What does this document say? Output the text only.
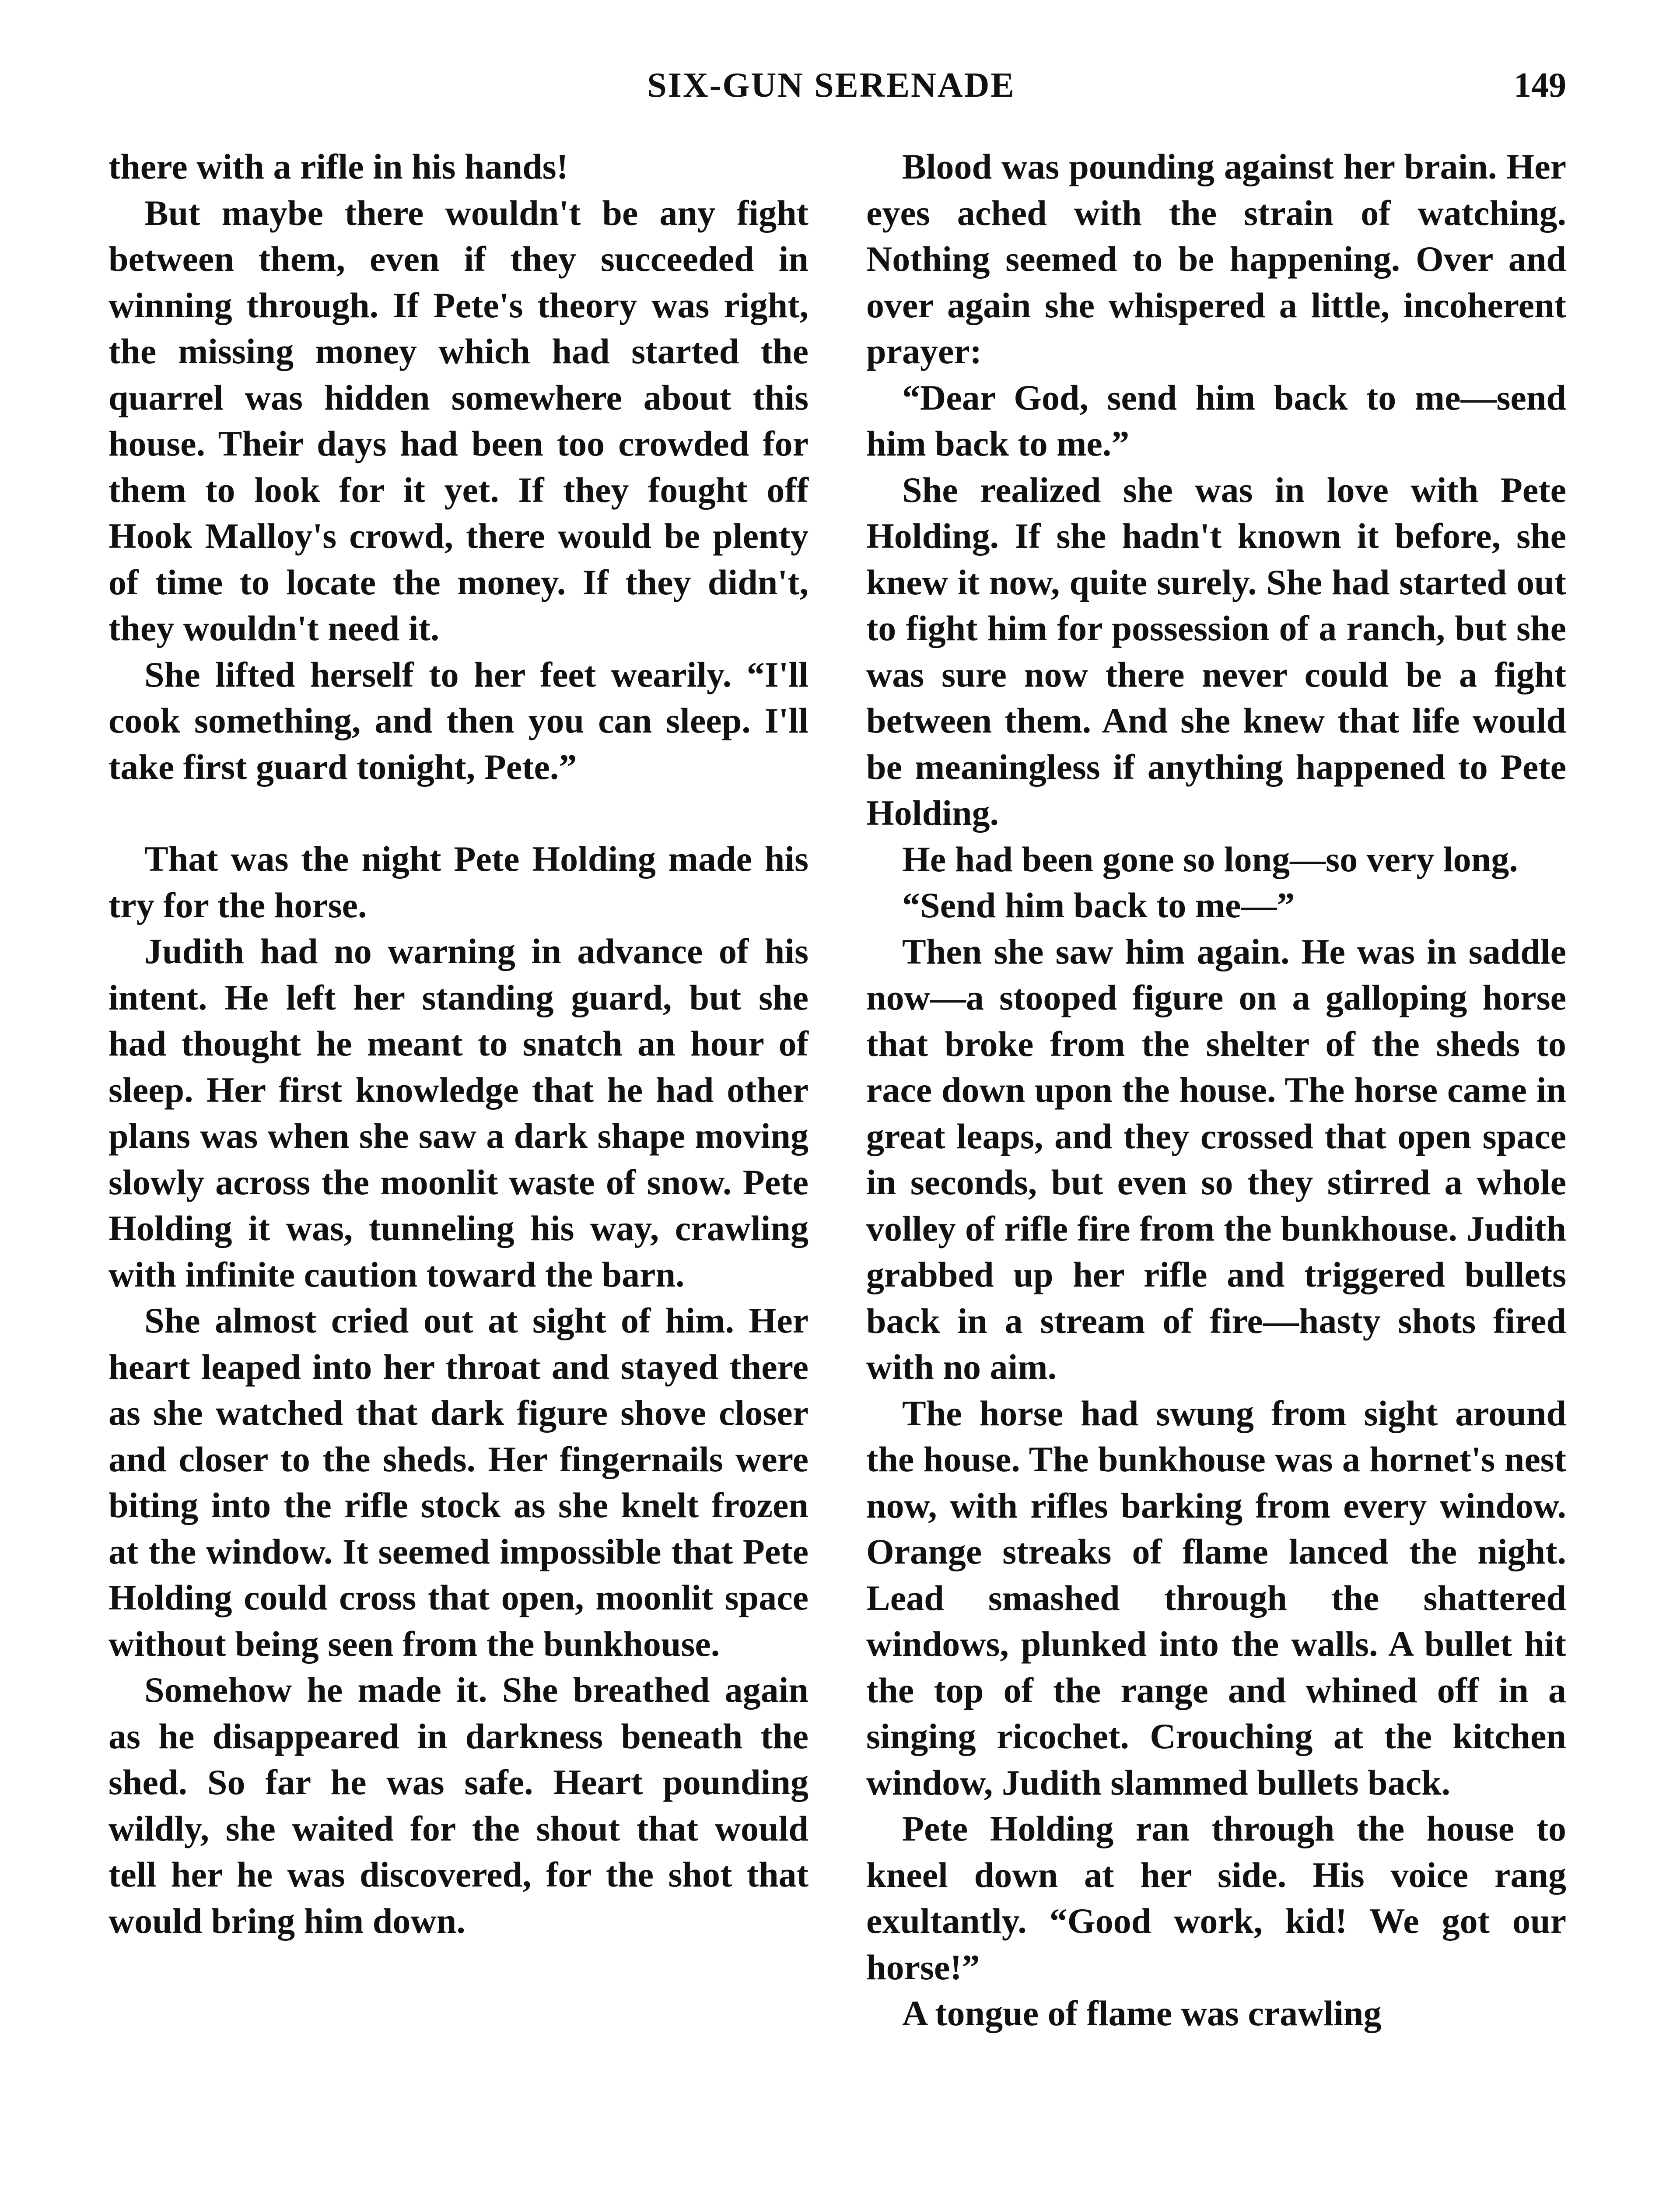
SIX-GUN SERENADE	149

there with a rifle in his hands!

But maybe there wouldn't be any fight between them, even if they succeeded in winning through. If Pete's theory was right, the missing money which had started the quarrel was hidden somewhere about this house. Their days had been too crowded for them to look for it yet. If they fought off Hook Malloy's crowd, there would be plenty of time to locate the money. If they didn't, they wouldn't need it.

She lifted herself to her feet wearily. “I'll cook something, and then you can sleep. I'll take first guard tonight, Pete.”

That was the night Pete Holding made his try for the horse.

Judith had no warning in advance of his intent. He left her standing guard, but she had thought he meant to snatch an hour of sleep. Her first knowledge that he had other plans was when she saw a dark shape moving slowly across the moonlit waste of snow. Pete Holding it was, tunneling his way, crawling with infinite caution toward the barn.

She almost cried out at sight of him. Her heart leaped into her throat and stayed there as she watched that dark figure shove closer and closer to the sheds. Her fingernails were biting into the rifle stock as she knelt frozen at the window. It seemed impossible that Pete Holding could cross that open, moonlit space without being seen from the bunkhouse.

Somehow he made it. She breathed again as he disappeared in darkness beneath the shed. So far he was safe. Heart pounding wildly, she waited for the shout that would tell her he was discovered, for the shot that would bring him down.

Blood was pounding against her brain. Her eyes ached with the strain of watching. Nothing seemed to be happening. Over and over again she whispered a little, incoherent prayer:

“Dear God, send him back to me—send him back to me.”

She realized she was in love with Pete Holding. If she hadn't known it before, she knew it now, quite surely. She had started out to fight him for possession of a ranch, but she was sure now there never could be a fight between them. And she knew that life would be meaningless if anything happened to Pete Holding.

He had been gone so long—so very long.

“Send him back to me—”

Then she saw him again. He was in saddle now—a stooped figure on a galloping horse that broke from the shelter of the sheds to race down upon the house. The horse came in great leaps, and they crossed that open space in seconds, but even so they stirred a whole volley of rifle fire from the bunkhouse. Judith grabbed up her rifle and triggered bullets back in a stream of fire—hasty shots fired with no aim.

The horse had swung from sight around the house. The bunkhouse was a hornet's nest now, with rifles barking from every window. Orange streaks of flame lanced the night. Lead smashed through the shattered windows, plunked into the walls. A bullet hit the top of the range and whined off in a singing ricochet. Crouching at the kitchen window, Judith slammed bullets back.

Pete Holding ran through the house to kneel down at her side. His voice rang exultantly. “Good work, kid! We got our horse!”

A tongue of flame was crawling
